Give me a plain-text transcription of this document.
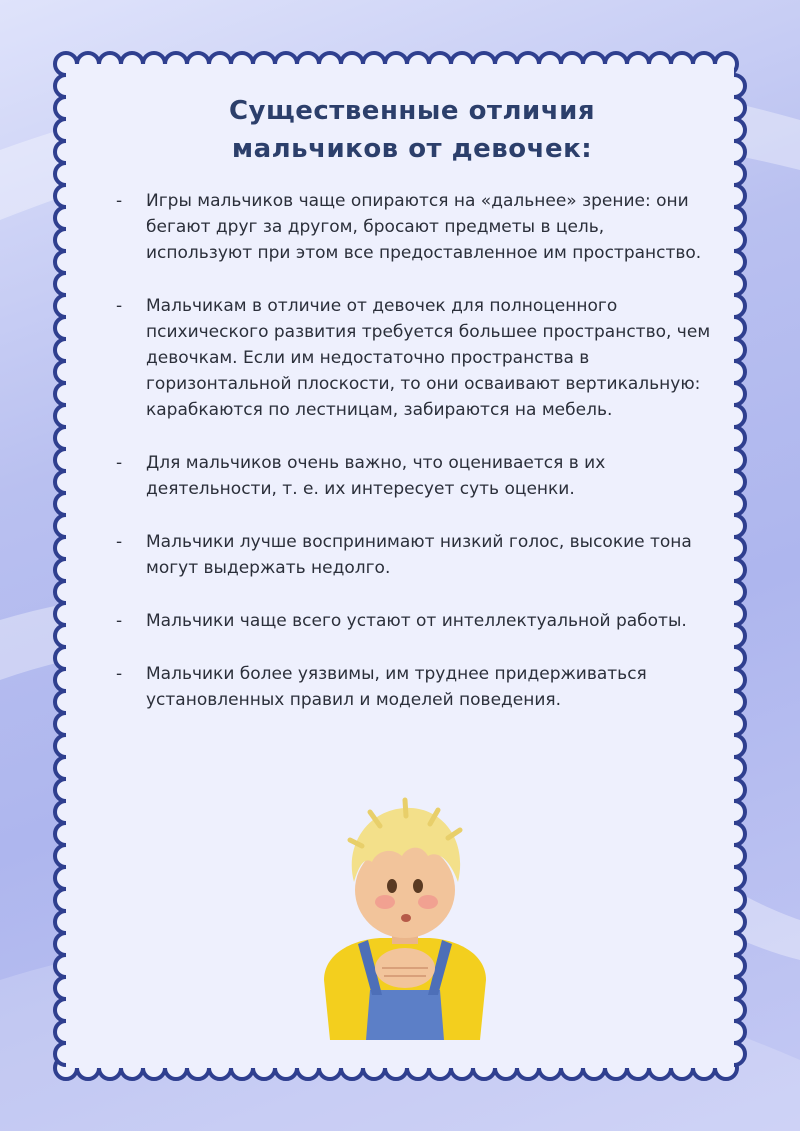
Существенные отличия
мальчиков от девочек:
- Игры мальчиков чаще опираются на «дальнее» зрение: они бегают друг за другом, бросают предметы в цель, используют при этом все предоставленное им пространство.
- Мальчикам в отличие от девочек для полноценного психического развития требуется большее пространство, чем девочкам. Если им недостаточно пространства в горизонтальной плоскости, то они осваивают вертикальную: карабкаются по лестницам, забираются на мебель.
- Для мальчиков очень важно, что оценивается в их деятельности, т. е. их интересует суть оценки.
- Мальчики лучше воспринимают низкий голос, высокие тона могут выдержать недолго.
- Мальчики чаще всего устают от интеллектуальной работы.
- Мальчики более уязвимы, им труднее придерживаться установленных правил и моделей поведения.
